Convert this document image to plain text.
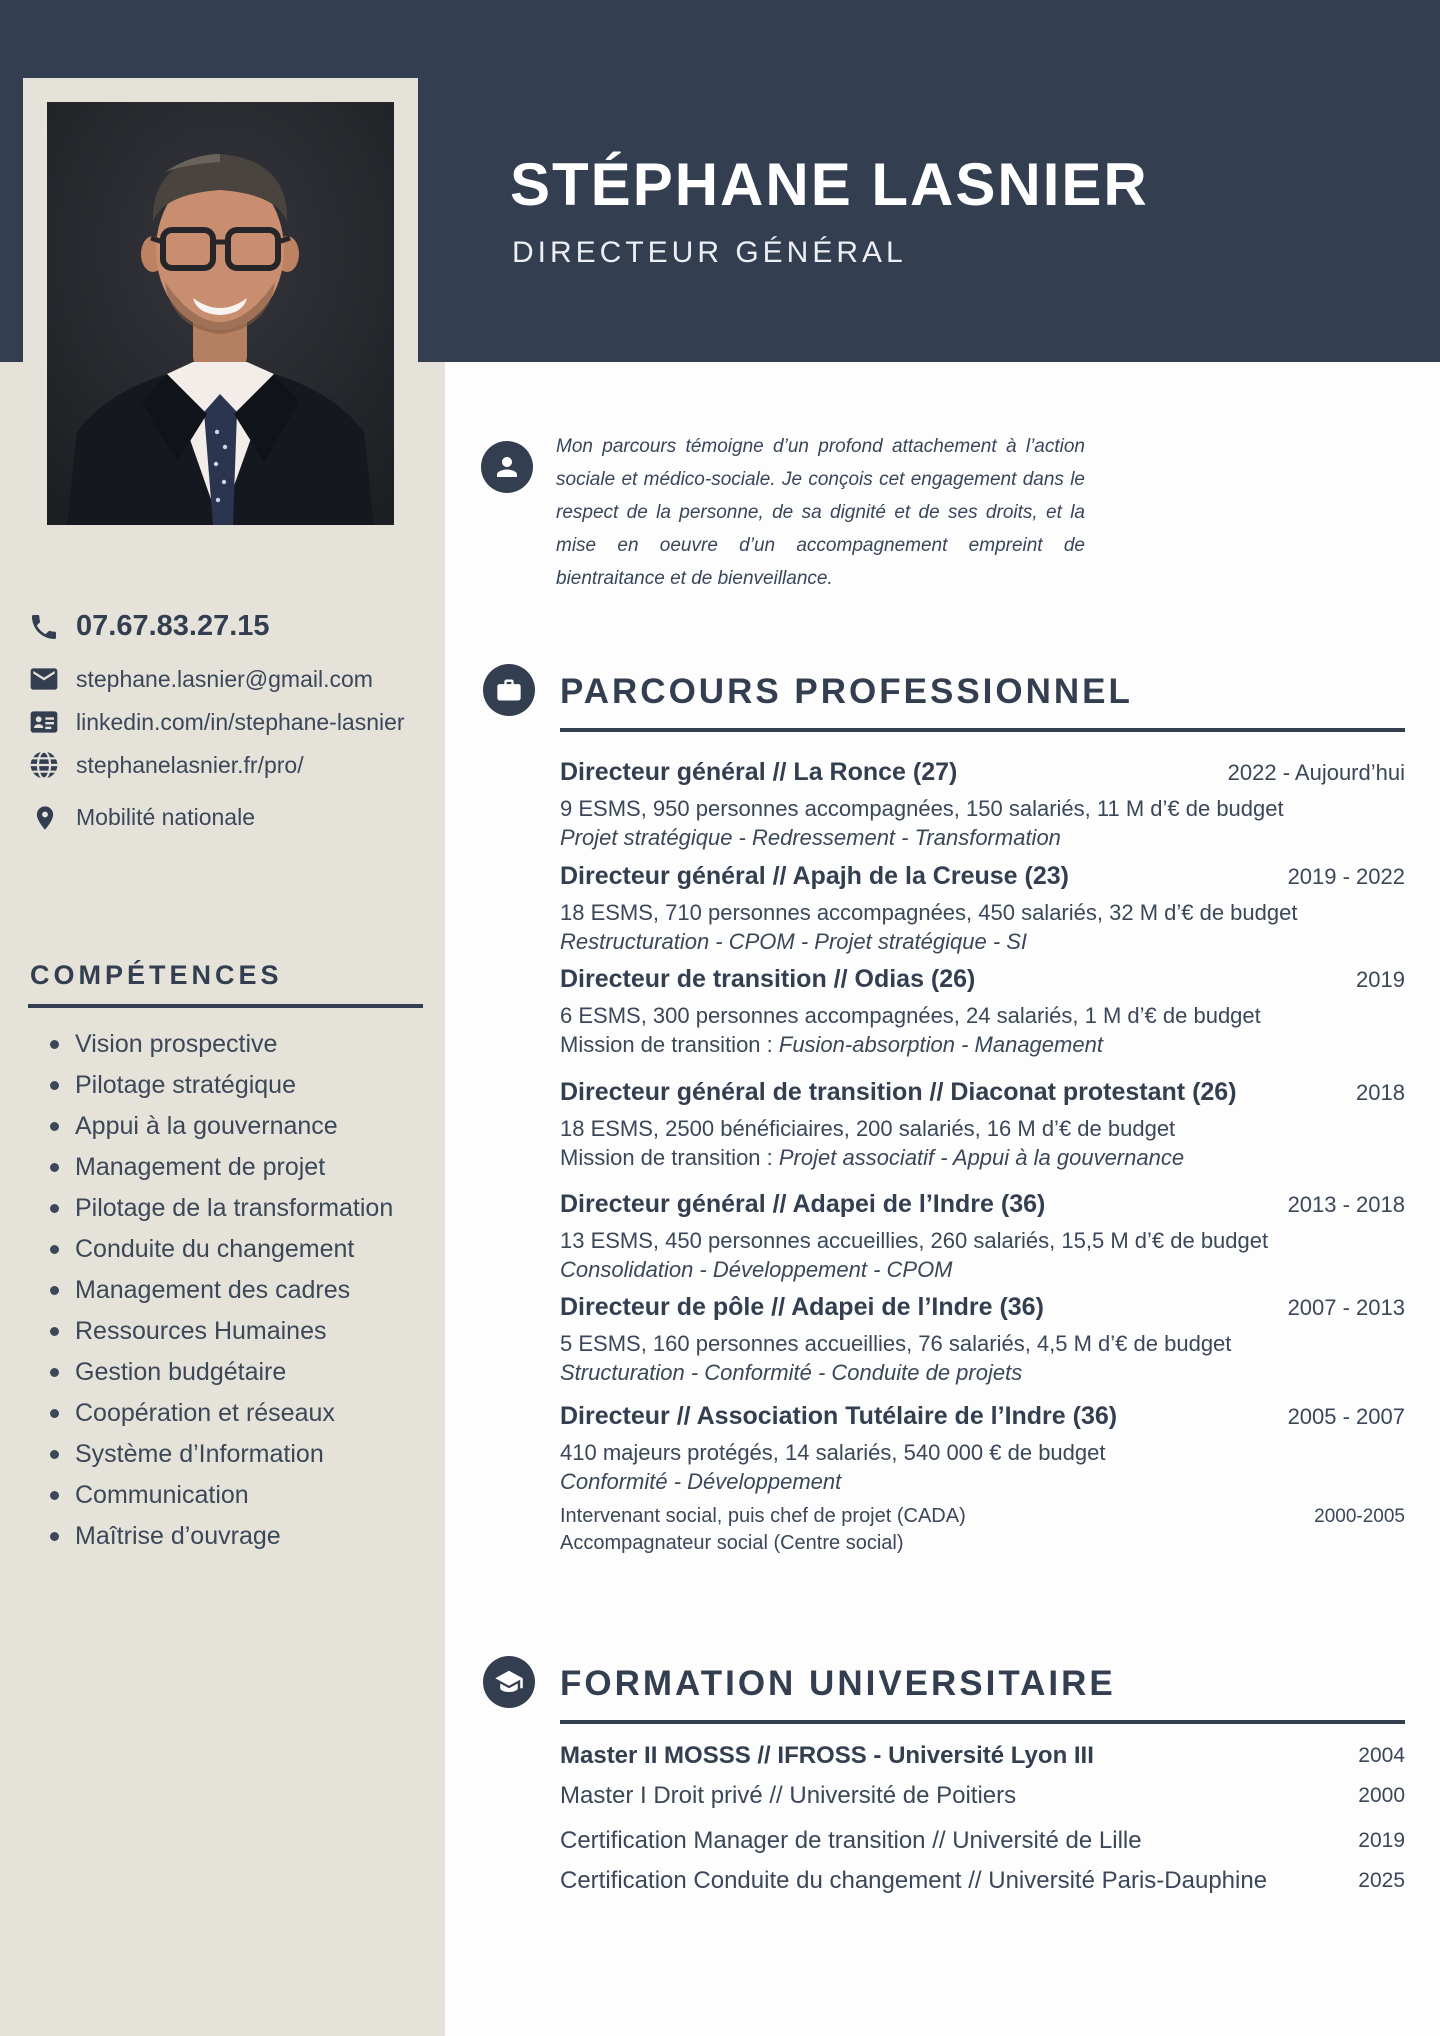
STÉPHANE LASNIER
DIRECTEUR GÉNÉRAL
Mon parcours témoigne d’un profond attachement à l’action sociale et médico-sociale. Je conçois cet engagement dans le respect de la personne, de sa dignité et de ses droits, et la mise en oeuvre d’un accompagnement empreint de bientraitance et de bienveillance.
07.67.83.27.15
stephane.lasnier@gmail.com
linkedin.com/in/stephane-lasnier
stephanelasnier.fr/pro/
Mobilité nationale
COMPÉTENCES
Vision prospective
Pilotage stratégique
Appui à la gouvernance
Management de projet
Pilotage de la transformation
Conduite du changement
Management des cadres
Ressources Humaines
Gestion budgétaire
Coopération et réseaux
Système d’Information
Communication
Maîtrise d’ouvrage
PARCOURS PROFESSIONNEL
Directeur général // La Ronce (27)	2022 - Aujourd’hui
9 ESMS, 950 personnes accompagnées, 150 salariés, 11 M d’€ de budget
Projet stratégique - Redressement - Transformation
Directeur général // Apajh de la Creuse (23)	2019 - 2022
18 ESMS, 710 personnes accompagnées, 450 salariés, 32 M d’€ de budget
Restructuration - CPOM - Projet stratégique - SI
Directeur de transition // Odias (26)	2019
6 ESMS, 300 personnes accompagnées, 24 salariés, 1 M d’€ de budget
Mission de transition : Fusion-absorption - Management
Directeur général de transition // Diaconat protestant (26)	2018
18 ESMS, 2500 bénéficiaires, 200 salariés, 16 M d’€ de budget
Mission de transition : Projet associatif - Appui à la gouvernance
Directeur général // Adapei de l’Indre (36)	2013 - 2018
13 ESMS, 450 personnes accueillies, 260 salariés, 15,5 M d’€ de budget
Consolidation - Développement - CPOM
Directeur de pôle // Adapei de l’Indre (36)	2007 - 2013
5 ESMS, 160 personnes accueillies, 76 salariés, 4,5 M d’€ de budget
Structuration - Conformité - Conduite de projets
Directeur // Association Tutélaire de l’Indre (36)	2005 - 2007
410 majeurs protégés, 14 salariés, 540 000 € de budget
Conformité - Développement
Intervenant social, puis chef de projet (CADA)	2000-2005
Accompagnateur social (Centre social)
FORMATION UNIVERSITAIRE
Master II MOSSS // IFROSS - Université Lyon III	2004
Master I Droit privé // Université de Poitiers	2000
Certification Manager de transition // Université de Lille	2019
Certification Conduite du changement // Université Paris-Dauphine	2025
